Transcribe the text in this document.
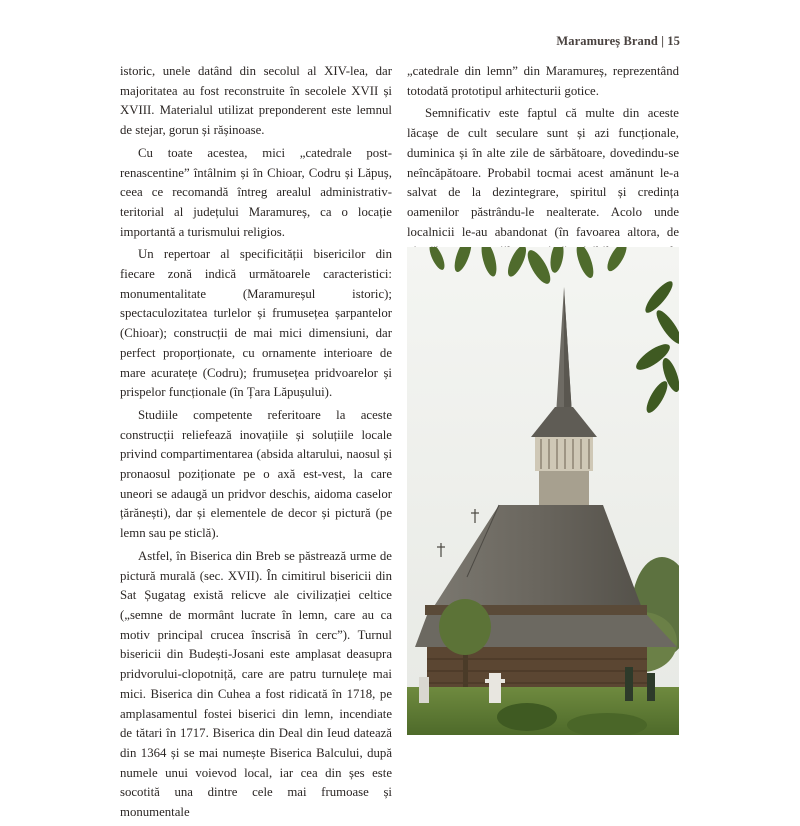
Maramureș Brand | 15

istoric, unele datând din secolul al XIV-lea, dar majoritatea au fost reconstruite în secolele XVII și XVIII. Materialul utilizat preponderent este lemnul de stejar, gorun și rășinoase.

Cu toate acestea, mici „catedrale post-renascentine” întâlnim și în Chioar, Codru și Lăpuș, ceea ce recomandă întreg arealul administrativ-teritorial al județului Maramureș, ca o locație importantă a turismului religios.

Un repertoar al specificității bisericilor din fiecare zonă indică următoarele caracteristici: monumentalitate (Maramureșul istoric); spectaculozitatea turlelor și frumusețea șarpantelor (Chioar); construcții de mai mici dimensiuni, dar perfect proporționate, cu ornamente interioare de mare acuratețe (Codru); frumusețea pridvoarelor și prispelor funcționale (în Țara Lăpușului).

Studiile competente referitoare la aceste construcții reliefează inovațiile și soluțiile locale privind compartimentarea (absida altarului, naosul și pronaosul poziționate pe o axă est-vest, la care uneori se adaugă un pridvor deschis, aidoma caselor țărănești), dar și elementele de decor și pictură (pe lemn sau pe sticlă).

Astfel, în Biserica din Breb se păstrează urme de pictură murală (sec. XVII). În cimitirul bisericii din Sat Șugatag există relicve ale civilizației celtice („semne de mormânt lucrate în lemn, care au ca motiv principal crucea înscrisă în cerc”). Turnul bisericii din Budești-Josani este amplasat deasupra pridvorului-clopotniță, care are patru turnulețe mai mici. Biserica din Cuhea a fost ridicată în 1718, pe amplasamentul fostei biserici din lemn, incendiate de tătari în 1717. Biserica din Deal din Ieud datează din 1364 și se mai numește Biserica Balcului, după numele unui voievod local, iar cea din șes este socotită una dintre cele mai frumoase și monumentale

„catedrale din lemn” din Maramureș, reprezentând totodată prototipul arhitecturii gotice.

Semnificativ este faptul că multe din aceste lăcașe de cult seculare sunt și azi funcționale, duminica și în alte zile de sărbătoare, dovedindu-se neîncăpătoare. Probabil tocmai acest amănunt le-a salvat de la dezintegrare, spiritul și credința oamenilor păstrându-le nealterate. Acolo unde localnicii le-au abandonat (în favoarea altora, de
